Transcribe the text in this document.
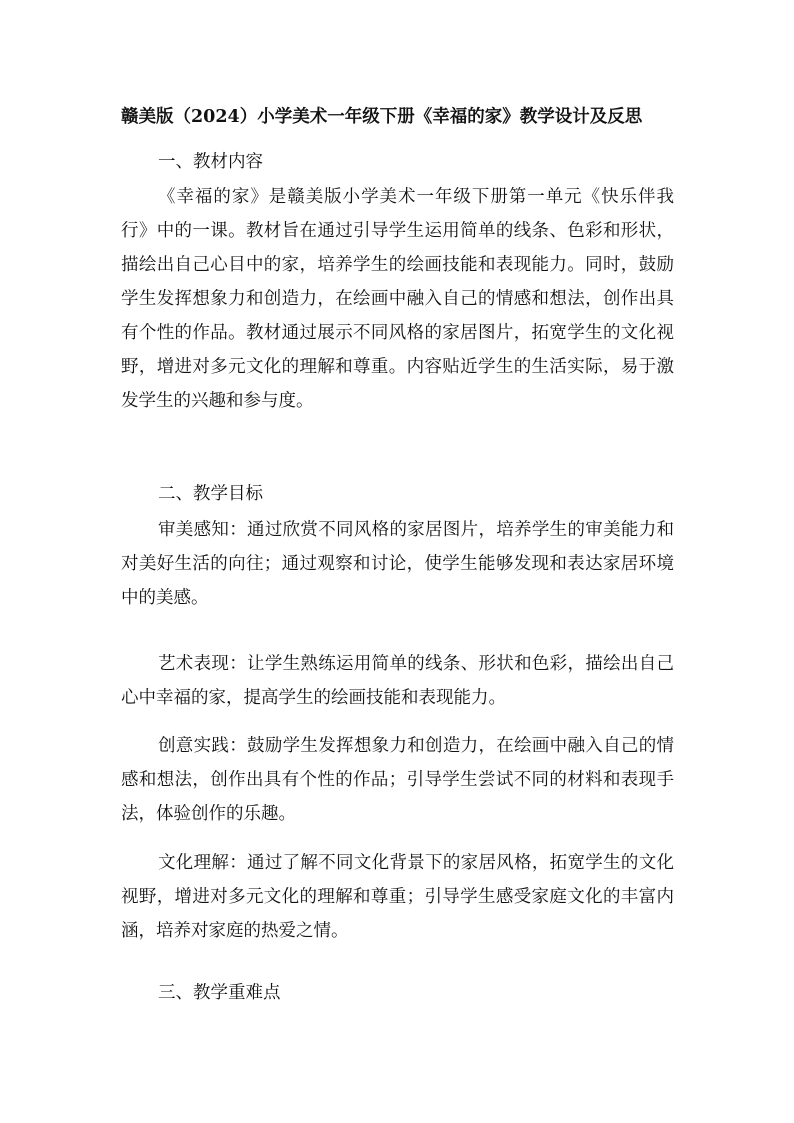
赣美版（2024）小学美术一年级下册《幸福的家》教学设计及反思
一、教材内容

《幸福的家》是赣美版小学美术一年级下册第一单元《快乐伴我行》中的一课。教材旨在通过引导学生运用简单的线条、色彩和形状，描绘出自己心目中的家，培养学生的绘画技能和表现能力。同时，鼓励学生发挥想象力和创造力，在绘画中融入自己的情感和想法，创作出具有个性的作品。教材通过展示不同风格的家居图片，拓宽学生的文化视野，增进对多元文化的理解和尊重。内容贴近学生的生活实际，易于激发学生的兴趣和参与度。

二、教学目标

审美感知：通过欣赏不同风格的家居图片，培养学生的审美能力和对美好生活的向往；通过观察和讨论，使学生能够发现和表达家居环境中的美感。

艺术表现：让学生熟练运用简单的线条、形状和色彩，描绘出自己心中幸福的家，提高学生的绘画技能和表现能力。

创意实践：鼓励学生发挥想象力和创造力，在绘画中融入自己的情感和想法，创作出具有个性的作品；引导学生尝试不同的材料和表现手法，体验创作的乐趣。

文化理解：通过了解不同文化背景下的家居风格，拓宽学生的文化视野，增进对多元文化的理解和尊重；引导学生感受家庭文化的丰富内涵，培养对家庭的热爱之情。

三、教学重难点
